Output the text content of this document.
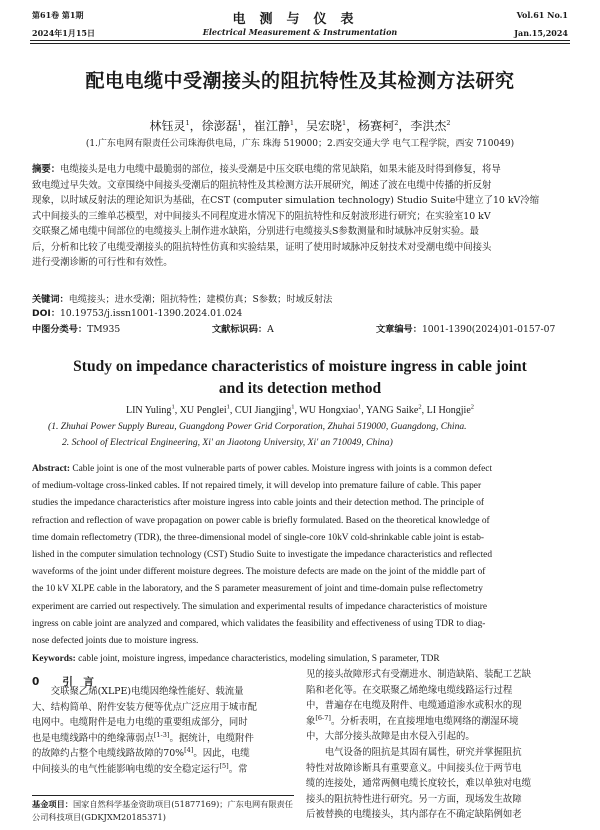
第61卷 第1期
2024年1月15日
电测与仪表
Electrical Measurement & Instrumentation
Vol.61 No.1
Jan.15,2024
配电电缆中受潮接头的阻抗特性及其检测方法研究
林钰灵$^1$，徐澎磊$^1$，崔江静$^1$，吴宏晓$^1$，杨赛柯$^2$，李洪杰$^2$
(1.广东电网有限责任公司珠海供电局，广东 珠海 519000；2.西安交通大学 电气工程学院，西安 710049)
摘要：电缆接头是电力电缆中最脆弱的部位，接头受潮是中压交联电缆的常见缺陷，如果未能及时得到修复，将导
致电缆过早失效。文章围绕中间接头受潮后的阻抗特性及其检测方法开展研究，阐述了波在电缆中传播的折反射
现象，以时域反射法的理论知识为基础，在CST (computer simulation technology) Studio Suite中建立了10 kV冷缩
式中间接头的三维单芯模型，对中间接头不同程度进水情况下的阻抗特性和反射波形进行研究；在实验室10 kV
交联聚乙烯电缆中间部位的电缆接头上制作进水缺陷，分别进行电缆接头S参数测量和时域脉冲反射实验。最
后，分析和比较了电缆受潮接头的阻抗特性仿真和实验结果，证明了使用时域脉冲反射技术对受潮电缆中间接头
进行受潮诊断的可行性和有效性。
关键词：电缆接头；进水受潮；阻抗特性；建模仿真；S参数；时域反射法
DOI：10.19753/j.issn1001-1390.2024.01.024
中图分类号：TM935	文献标识码：A	文章编号：1001-1390(2024)01-0157-07
Study on impedance characteristics of moisture ingress in cable joint
and its detection method
LIN Yuling$^1$, XU Penglei$^1$, CUI Jiangjing$^1$, WU Hongxiao$^1$, YANG Saike$^2$, LI Hongjie$^2$
(1. Zhuhai Power Supply Bureau, Guangdong Power Grid Corporation, Zhuhai 519000, Guangdong, China.
2. School of Electrical Engineering, Xi' an Jiaotong University, Xi' an 710049, China)
Abstract: Cable joint is one of the most vulnerable parts of power cables. Moisture ingress with joints is a common defect
of medium-voltage cross-linked cables. If not repaired timely, it will develop into premature failure of cable. This paper
studies the impedance characteristics after moisture ingress into cable joints and their detection method. The principle of
refraction and reflection of wave propagation on power cable is briefly formulated. Based on the theoretical knowledge of
time domain reflectometry (TDR), the three-dimensional model of single-core 10kV cold-shrinkable cable joint is estab-
lished in the computer simulation technology (CST) Studio Suite to investigate the impedance characteristics and reflected
waveforms of the joint under different moisture degrees. The moisture defects are made on the joint of the middle part of
the 10 kV XLPE cable in the laboratory, and the S parameter measurement of joint and time-domain pulse reflectometry
experiment are carried out respectively. The simulation and experimental results of impedance characteristics of moisture
ingress on cable joint are analyzed and compared, which validates the feasibility and effectiveness of using TDR to diag-
nose defected joints due to moisture ingress.
Keywords: cable joint, moisture ingress, impedance characteristics, modeling simulation, S parameter, TDR
0 引　言
　　交联聚乙烯(XLPE)电缆因绝缘性能好、载流量
大、结构简单、附件安装方便等优点广泛应用于城市配
电网中。电缆附件是电力电缆的重要组成部分，同时
也是电缆线路中的绝缘薄弱点[1-3]。据统计，电缆附件
的故障约占整个电缆线路故障的70%[4]。因此，电缆
中间接头的电气性能影响电缆的安全稳定运行[5]。常
基金项目：国家自然科学基金资助项目(51877169)；广东电网有限责任公司科技项目(GDKJXM20185371)
见的接头故障形式有受潮进水、制造缺陷、装配工艺缺
陷和老化等。在交联聚乙烯绝缘电缆线路运行过程
中，普遍存在电缆及附件、电缆通道渗水或积水的现
象[6-7]。分析表明，在直接埋地电缆网络的潮湿环境
中，大部分接头故障是由水侵入引起的。
　　电气设备的阻抗是其固有属性，研究并掌握阻抗
特性对故障诊断具有重要意义。中间接头位于两节电
缆的连接处，通常两侧电缆长度较长，难以单独对电缆
接头的阻抗特性进行研究。另一方面，现场发生故障
后被替换的电缆接头，其内部存在不确定缺陷例如老
